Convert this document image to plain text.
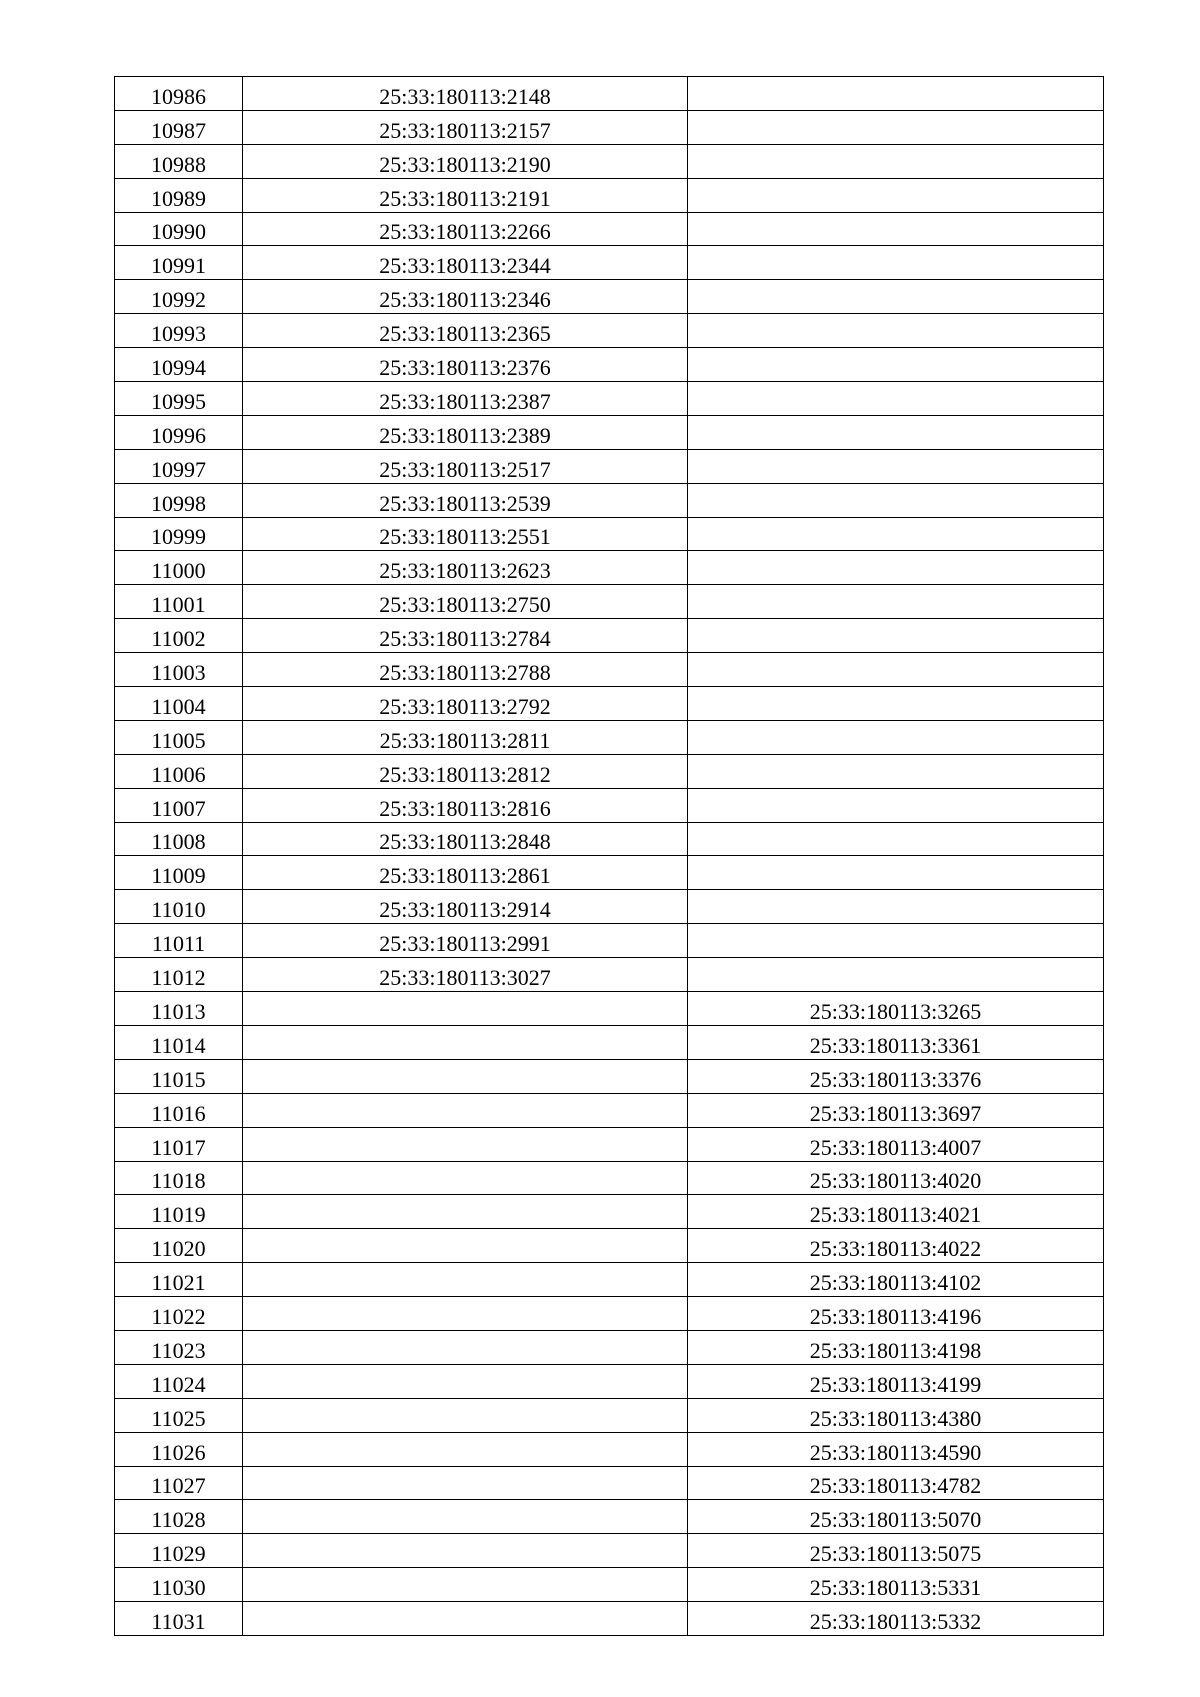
10986	25:33:180113:2148	
10987	25:33:180113:2157	
10988	25:33:180113:2190	
10989	25:33:180113:2191	
10990	25:33:180113:2266	
10991	25:33:180113:2344	
10992	25:33:180113:2346	
10993	25:33:180113:2365	
10994	25:33:180113:2376	
10995	25:33:180113:2387	
10996	25:33:180113:2389	
10997	25:33:180113:2517	
10998	25:33:180113:2539	
10999	25:33:180113:2551	
11000	25:33:180113:2623	
11001	25:33:180113:2750	
11002	25:33:180113:2784	
11003	25:33:180113:2788	
11004	25:33:180113:2792	
11005	25:33:180113:2811	
11006	25:33:180113:2812	
11007	25:33:180113:2816	
11008	25:33:180113:2848	
11009	25:33:180113:2861	
11010	25:33:180113:2914	
11011	25:33:180113:2991	
11012	25:33:180113:3027	
11013		25:33:180113:3265
11014		25:33:180113:3361
11015		25:33:180113:3376
11016		25:33:180113:3697
11017		25:33:180113:4007
11018		25:33:180113:4020
11019		25:33:180113:4021
11020		25:33:180113:4022
11021		25:33:180113:4102
11022		25:33:180113:4196
11023		25:33:180113:4198
11024		25:33:180113:4199
11025		25:33:180113:4380
11026		25:33:180113:4590
11027		25:33:180113:4782
11028		25:33:180113:5070
11029		25:33:180113:5075
11030		25:33:180113:5331
11031		25:33:180113:5332
